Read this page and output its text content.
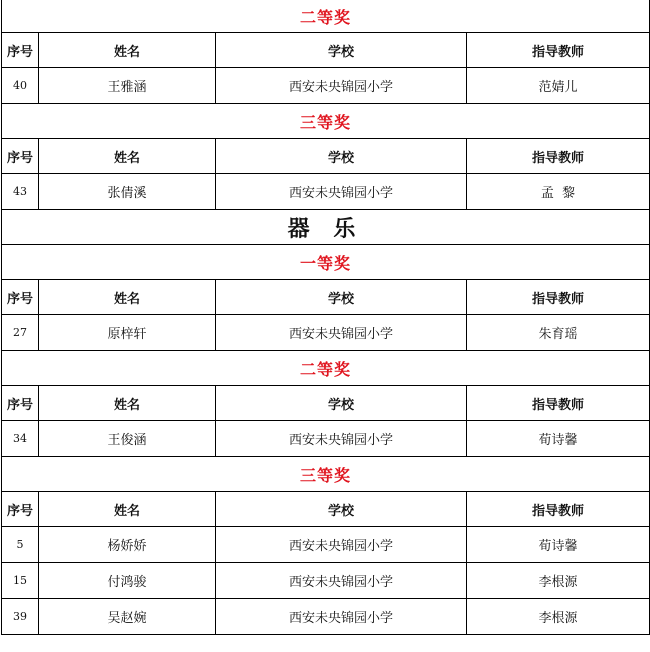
二等奖			
序号	姓名	学校	指导教师
40	王雅涵	西安未央锦园小学	范婧儿
三等奖			
序号	姓名	学校	指导教师
43	张倩溪	西安未央锦园小学	孟  黎
器 乐			
一等奖			
序号	姓名	学校	指导教师
27	原梓轩	西安未央锦园小学	朱育瑶
二等奖			
序号	姓名	学校	指导教师
34	王俊涵	西安未央锦园小学	荀诗馨
三等奖			
序号	姓名	学校	指导教师
5	杨娇娇	西安未央锦园小学	荀诗馨
15	付鸿骏	西安未央锦园小学	李根源
39	吴赵婉	西安未央锦园小学	李根源
